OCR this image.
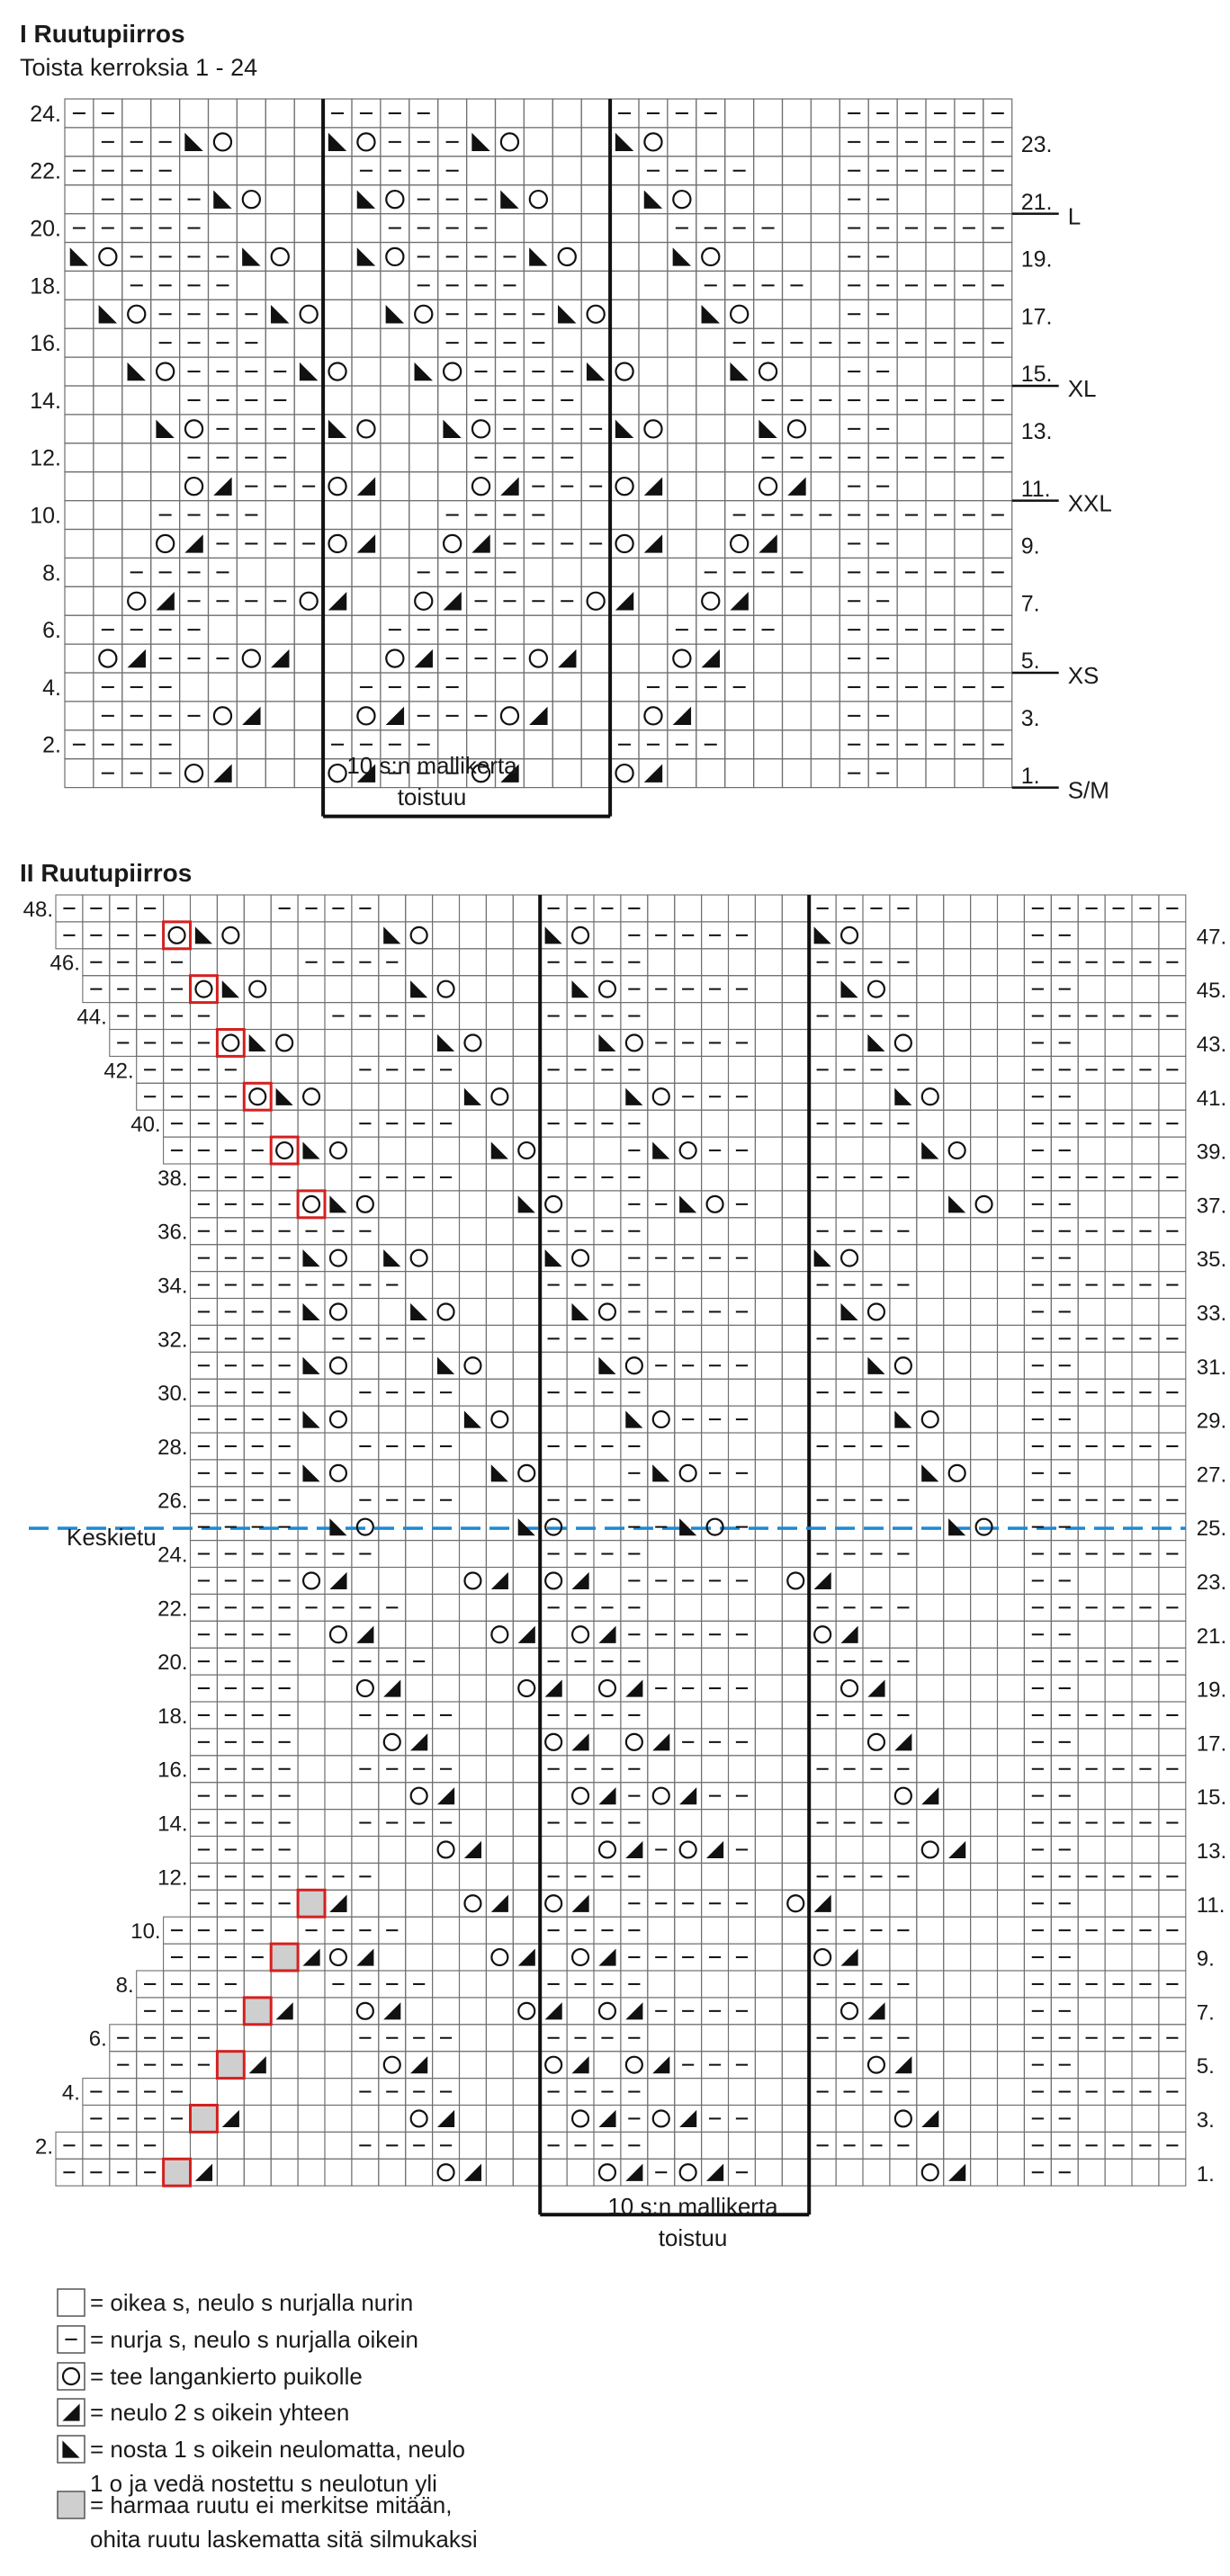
I Ruutupiirros
Toista kerroksia 1 - 24
24.
22.
20.
18.
16.
14.
12.
10.
8.
6.
4.
2.
23.
21.
19.
17.
15.
13.
11.
9.
7.
5.
3.
1.
L
XL
XXL
XS
S/M
10 s:n mallikerta
toistuu
II Ruutupiirros
48.
46.
44.
42.
40.
38.
36.
34.
32.
30.
28.
26.
24.
22.
20.
18.
16.
14.
12.
10.
8.
6.
4.
2.
47.
45.
43.
41.
39.
37.
35.
33.
31.
29.
27.
25.
23.
21.
19.
17.
15.
13.
11.
9.
7.
5.
3.
1.
Keskietu
10 s:n mallikerta
toistuu
= oikea s, neulo s nurjalla nurin
= nurja s, neulo s nurjalla oikein
= tee langankierto puikolle
= neulo 2 s oikein yhteen
= nosta 1 s oikein neulomatta, neulo
1 o ja vedä nostettu s neulotun yli
= harmaa ruutu ei merkitse mitään,
ohita ruutu laskematta sitä silmukaksi
